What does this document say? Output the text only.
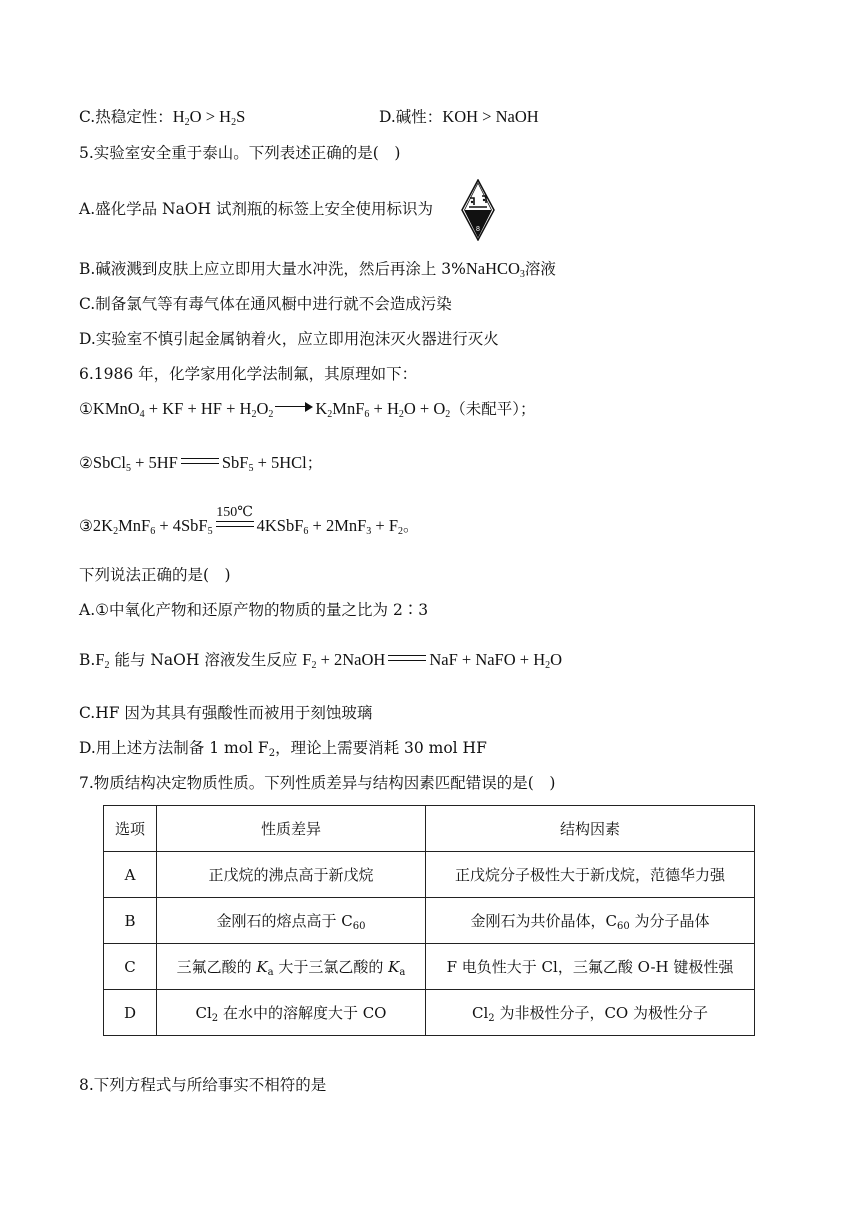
C.热稳定性：$H_2O > H_2S$	D.碱性：KOH > NaOH
5.实验室安全重于泰山。下列表述正确的是(　)
A.盛化学品 NaOH 试剂瓶的标签上安全使用标识为
8
B.碱液溅到皮肤上应立即用大量水冲洗，然后再涂上 3%NaHCO$_3$溶液
C.制备氯气等有毒气体在通风橱中进行就不会造成污染
D.实验室不慎引起金属钠着火，应立即用泡沫灭火器进行灭火
6.1986 年，化学家用化学法制氟，其原理如下：
①KMnO$_4$ + KF + HF + $H_2O_2$	$K_2MnF_6 + H_2O + O_2$（未配平）；
②SbCl$_5$ + 5HF	SbF$_5$ + 5HCl；
$③2K_2MnF_6 + 4SbF_5$
150℃
4KSbF$_6$ + $2MnF_3 + F_2$。
下列说法正确的是(　)
A.①中氧化产物和还原产物的物质的量之比为 2∶3
$B.F_2$ 能与 NaOH 溶液发生反应 $F_2$ + 2NaOH	NaF + NaFO + $H_2O$
C.HF 因为其具有强酸性而被用于刻蚀玻璃
D.用上述方法制备 1 mol $F_2$，理论上需要消耗 30 mol HF
7.物质结构决定物质性质。下列性质差异与结构因素匹配错误的是(　)
选项	性质差异	结构因素
A	正戊烷的沸点高于新戊烷	正戊烷分子极性大于新戊烷，范德华力强
B	金刚石的熔点高于 $C_{60}$	金刚石为共价晶体，$C_{60}$ 为分子晶体
C	三氟乙酸的 $K_a$ 大于三氯乙酸的 $K_a$	F 电负性大于 Cl，三氟乙酸 O-H 键极性强
D	$Cl_2$ 在水中的溶解度大于 CO	$Cl_2$ 为非极性分子，CO 为极性分子
8.下列方程式与所给事实不相符的是
